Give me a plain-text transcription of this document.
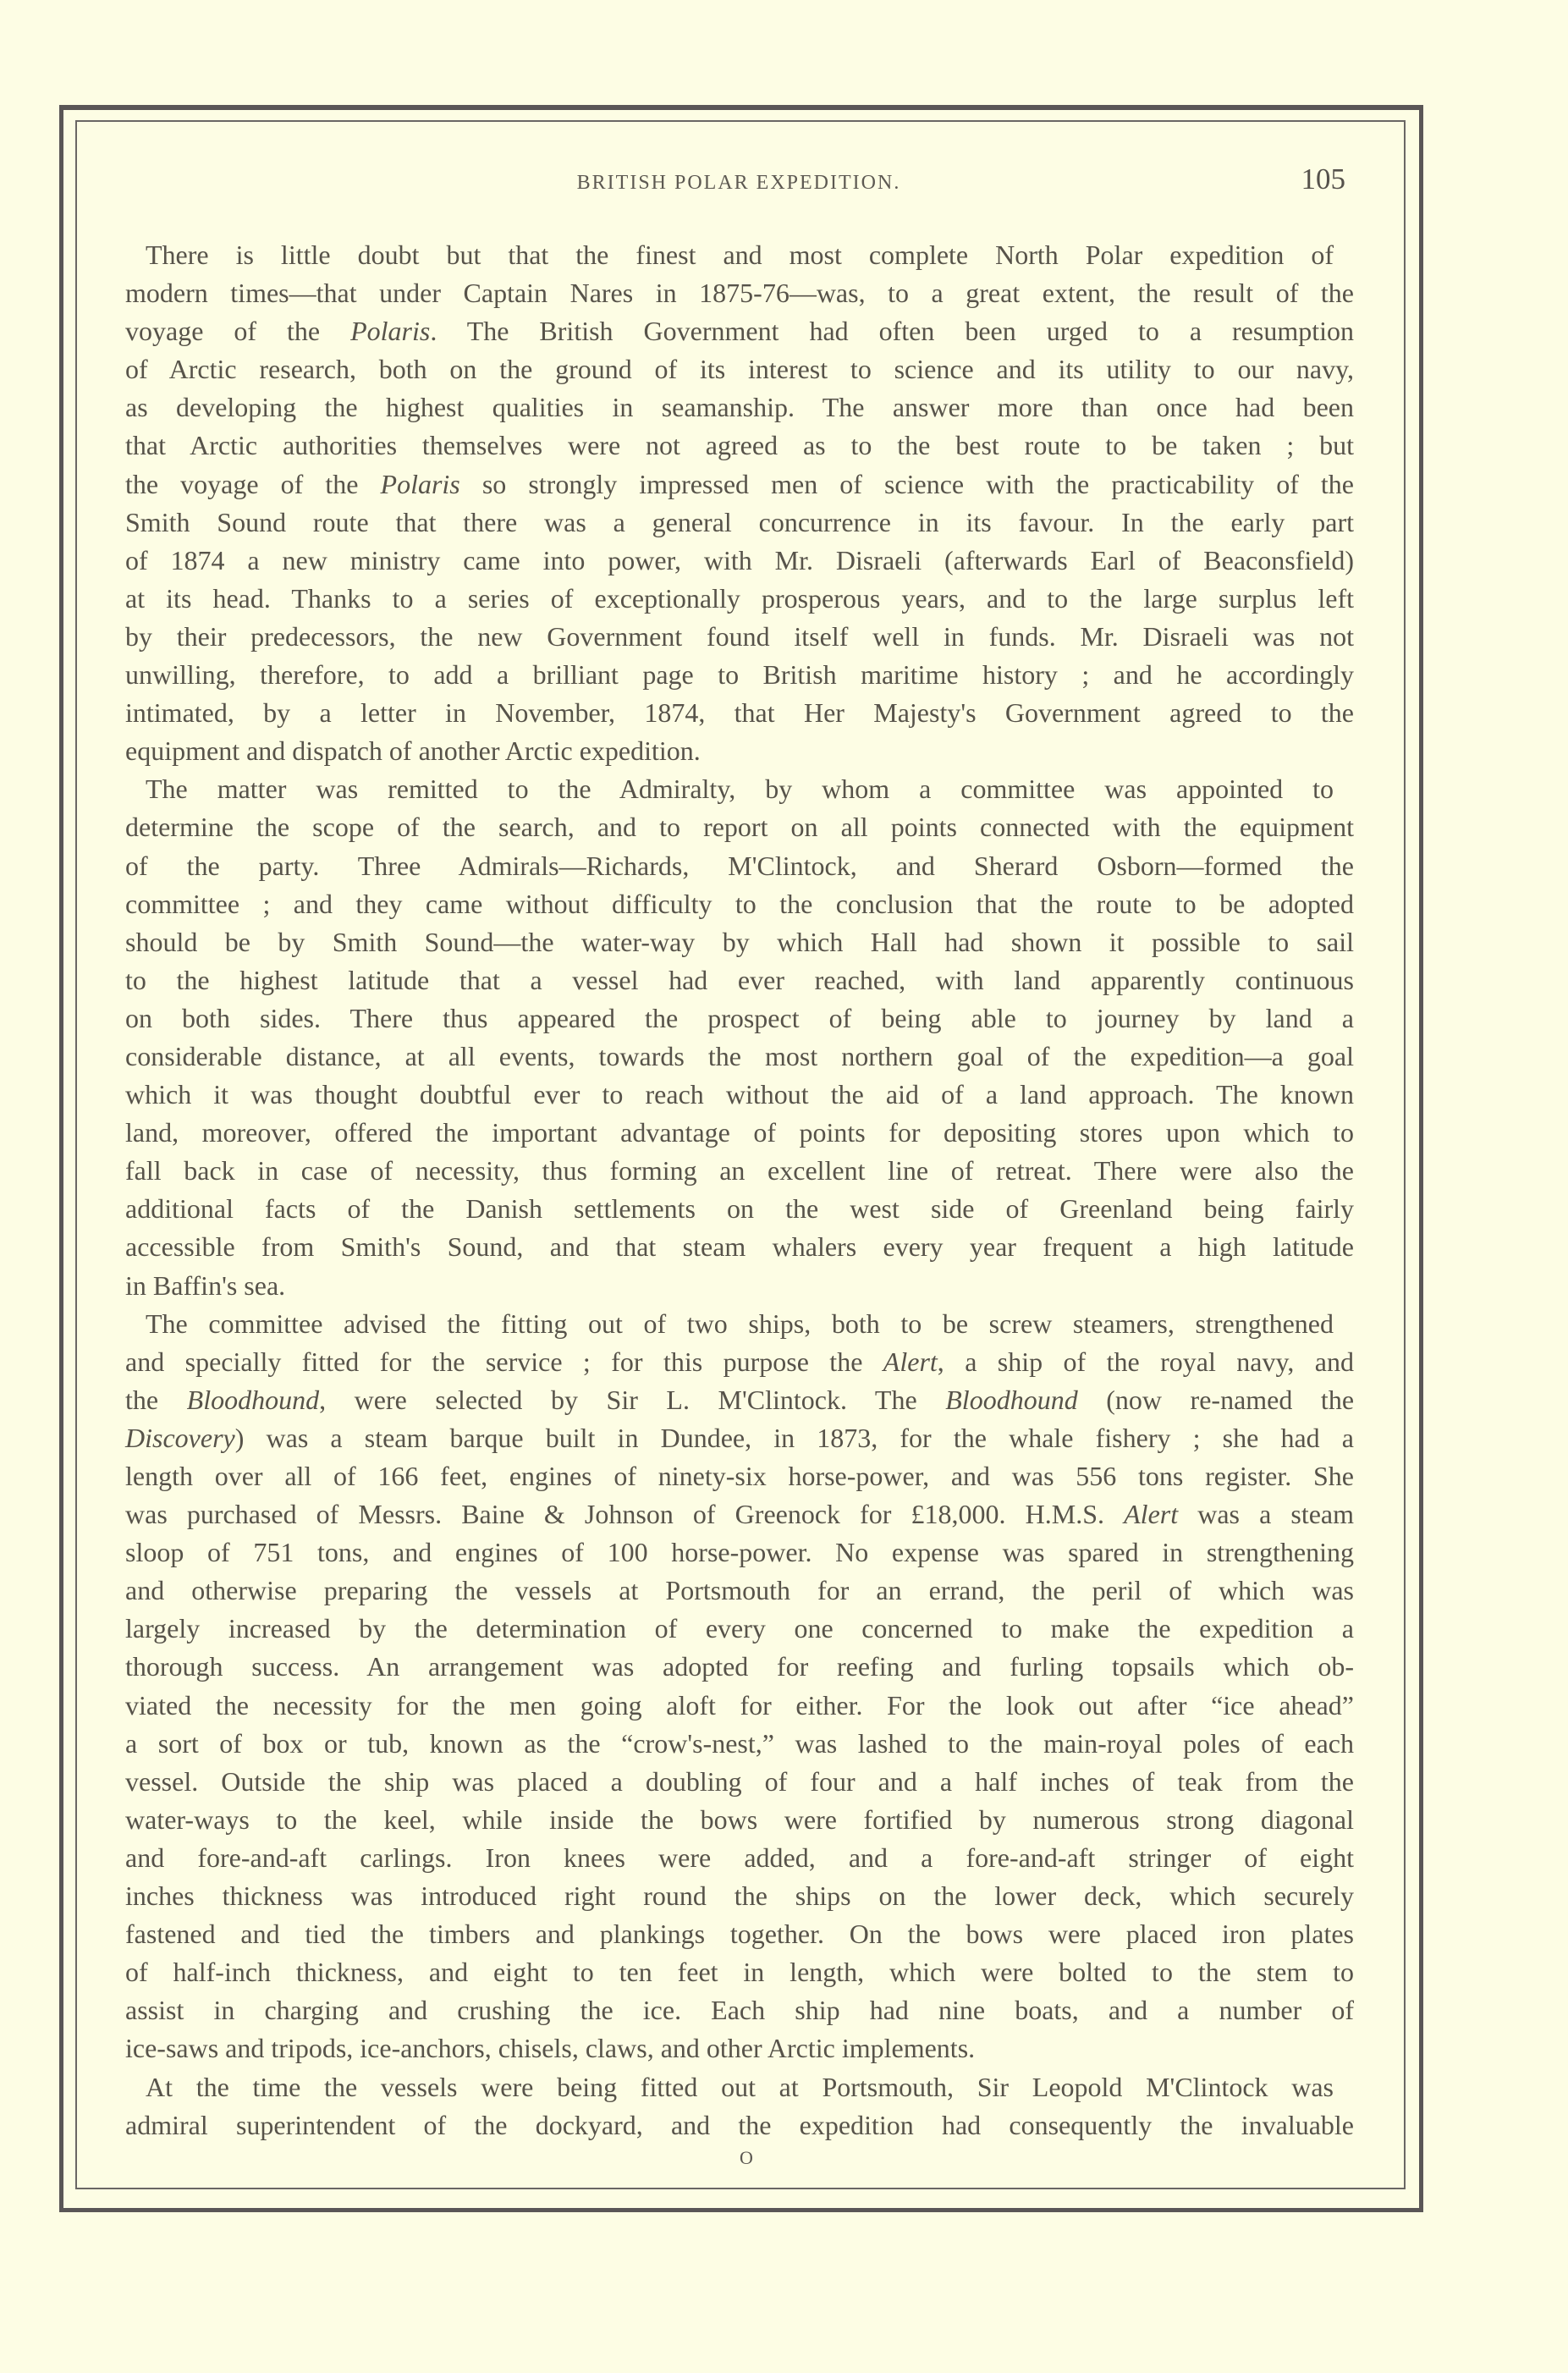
BRITISH POLAR EXPEDITION.	105
There is little doubt but that the finest and most complete North Polar expedition of
modern times—that under Captain Nares in 1875-76—was, to a great extent, the result of the
voyage of the Polaris. The British Government had often been urged to a resumption
of Arctic research, both on the ground of its interest to science and its utility to our navy,
as developing the highest qualities in seamanship. The answer more than once had been
that Arctic authorities themselves were not agreed as to the best route to be taken ; but
the voyage of the Polaris so strongly impressed men of science with the practicability of the
Smith Sound route that there was a general concurrence in its favour. In the early part
of 1874 a new ministry came into power, with Mr. Disraeli (afterwards Earl of Beaconsfield)
at its head. Thanks to a series of exceptionally prosperous years, and to the large surplus left
by their predecessors, the new Government found itself well in funds. Mr. Disraeli was not
unwilling, therefore, to add a brilliant page to British maritime history ; and he accordingly
intimated, by a letter in November, 1874, that Her Majesty's Government agreed to the
equipment and dispatch of another Arctic expedition.
The matter was remitted to the Admiralty, by whom a committee was appointed to
determine the scope of the search, and to report on all points connected with the equipment
of the party. Three Admirals—Richards, M'Clintock, and Sherard Osborn—formed the
committee ; and they came without difficulty to the conclusion that the route to be adopted
should be by Smith Sound—the water-way by which Hall had shown it possible to sail
to the highest latitude that a vessel had ever reached, with land apparently continuous
on both sides. There thus appeared the prospect of being able to journey by land a
considerable distance, at all events, towards the most northern goal of the expedition—a goal
which it was thought doubtful ever to reach without the aid of a land approach. The known
land, moreover, offered the important advantage of points for depositing stores upon which to
fall back in case of necessity, thus forming an excellent line of retreat. There were also the
additional facts of the Danish settlements on the west side of Greenland being fairly
accessible from Smith's Sound, and that steam whalers every year frequent a high latitude
in Baffin's sea.
The committee advised the fitting out of two ships, both to be screw steamers, strengthened
and specially fitted for the service ; for this purpose the Alert, a ship of the royal navy, and
the Bloodhound, were selected by Sir L. M'Clintock. The Bloodhound (now re-named the
Discovery) was a steam barque built in Dundee, in 1873, for the whale fishery ; she had a
length over all of 166 feet, engines of ninety-six horse-power, and was 556 tons register. She
was purchased of Messrs. Baine & Johnson of Greenock for £18,000. H.M.S. Alert was a steam
sloop of 751 tons, and engines of 100 horse-power. No expense was spared in strengthening
and otherwise preparing the vessels at Portsmouth for an errand, the peril of which was
largely increased by the determination of every one concerned to make the expedition a
thorough success. An arrangement was adopted for reefing and furling topsails which ob-
viated the necessity for the men going aloft for either. For the look out after “ice ahead”
a sort of box or tub, known as the “crow's-nest,” was lashed to the main-royal poles of each
vessel. Outside the ship was placed a doubling of four and a half inches of teak from the
water-ways to the keel, while inside the bows were fortified by numerous strong diagonal
and fore-and-aft carlings. Iron knees were added, and a fore-and-aft stringer of eight
inches thickness was introduced right round the ships on the lower deck, which securely
fastened and tied the timbers and plankings together. On the bows were placed iron plates
of half-inch thickness, and eight to ten feet in length, which were bolted to the stem to
assist in charging and crushing the ice. Each ship had nine boats, and a number of
ice-saws and tripods, ice-anchors, chisels, claws, and other Arctic implements.
At the time the vessels were being fitted out at Portsmouth, Sir Leopold M'Clintock was
admiral superintendent of the dockyard, and the expedition had consequently the invaluable
O
